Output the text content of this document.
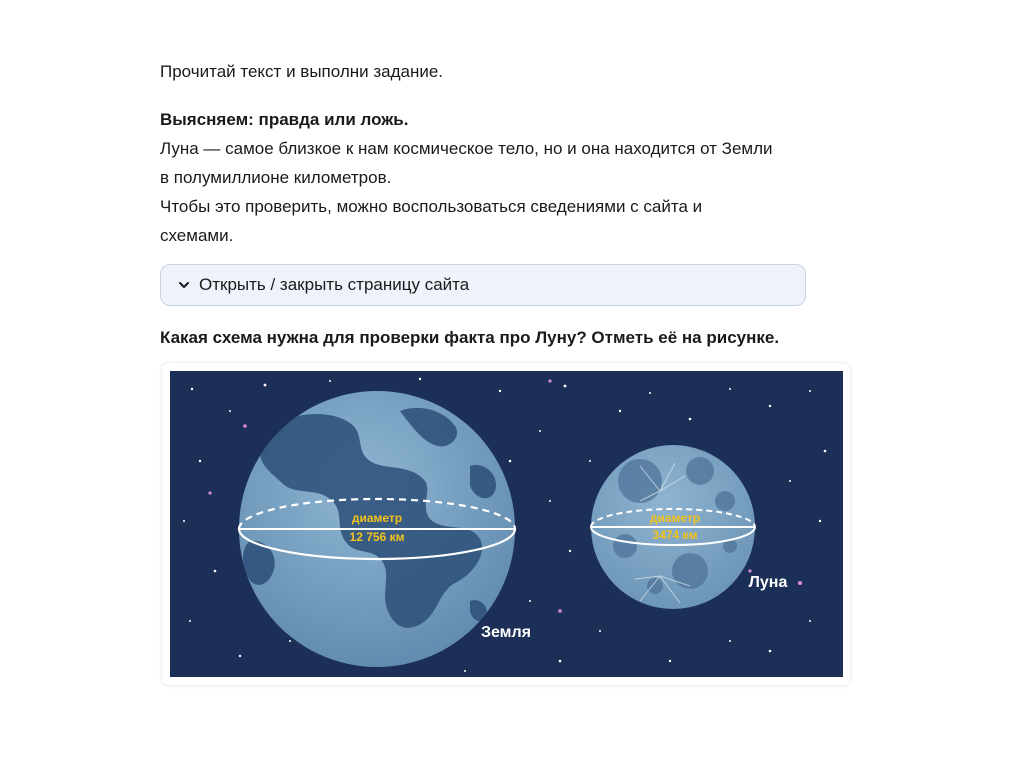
Прочитай текст и выполни задание.

Выясняем: правда или ложь.

Луна — самое близкое к нам космическое тело, но и она находится от Земли

в полумиллионе километров.

Чтобы это проверить, можно воспользоваться сведениями с сайта и

схемами.

Открыть / закрыть страницу сайта

Какая схема нужна для проверки факта про Луну? Отметь её на рисунке.

диаметр
12 756 км
Земля
диаметр
3474 км
Луна
